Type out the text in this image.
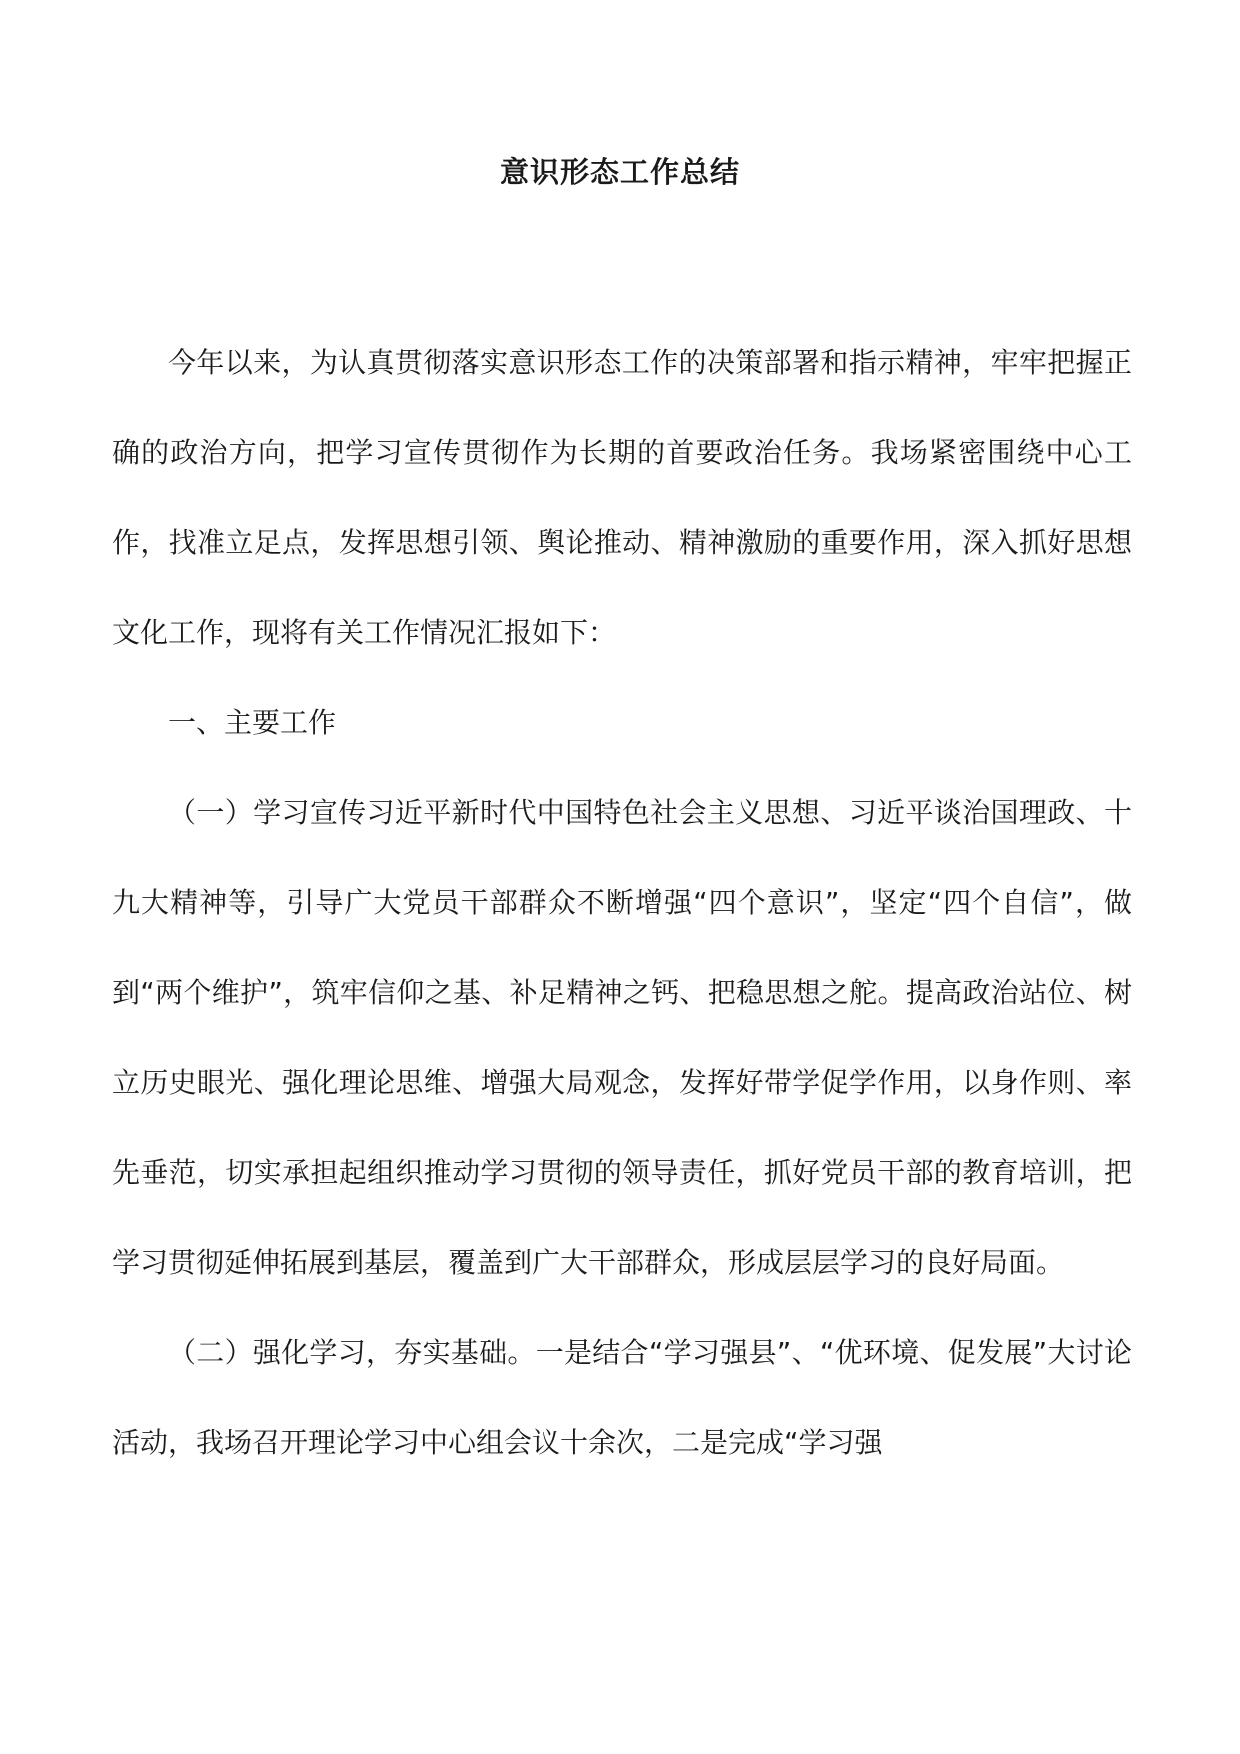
意识形态工作总结

今年以来，为认真贯彻落实意识形态工作的决策部署和指示精神，牢牢把握正确的政治方向，把学习宣传贯彻作为长期的首要政治任务。我场紧密围绕中心工作，找准立足点，发挥思想引领、舆论推动、精神激励的重要作用，深入抓好思想文化工作，现将有关工作情况汇报如下：

一、主要工作

（一）学习宣传习近平新时代中国特色社会主义思想、习近平谈治国理政、十九大精神等，引导广大党员干部群众不断增强“四个意识”，坚定“四个自信”，做到“两个维护”，筑牢信仰之基、补足精神之钙、把稳思想之舵。提高政治站位、树立历史眼光、强化理论思维、增强大局观念，发挥好带学促学作用，以身作则、率先垂范，切实承担起组织推动学习贯彻的领导责任，抓好党员干部的教育培训，把学习贯彻延伸拓展到基层，覆盖到广大干部群众，形成层层学习的良好局面。

（二）强化学习，夯实基础。一是结合“学习强县”、“优环境、促发展”大讨论活动，我场召开理论学习中心组会议十余次，二是完成“学习强
